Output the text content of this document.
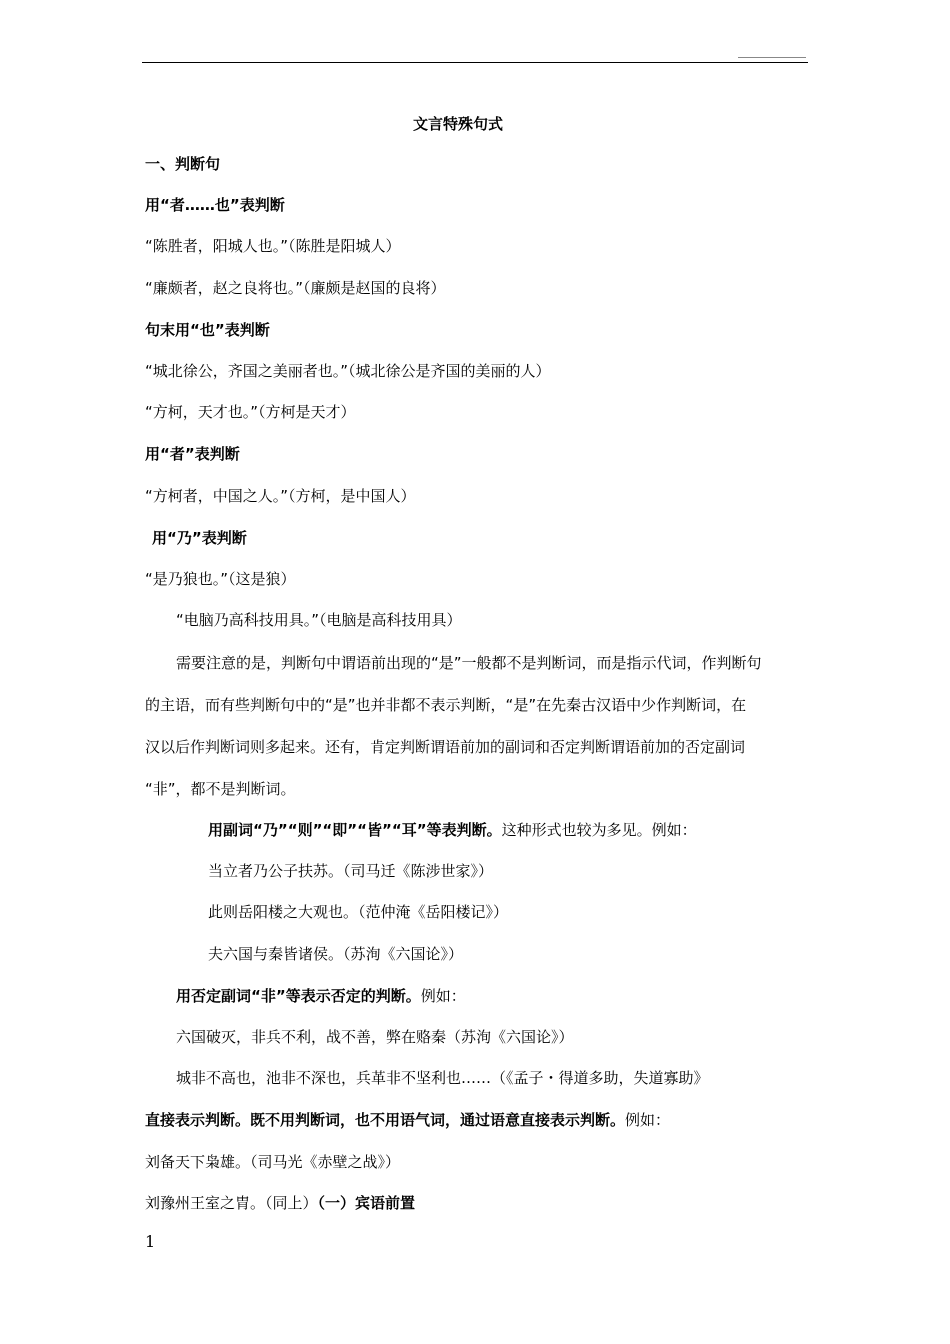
文言特殊句式
一、判断句
用“者……也”表判断
“陈胜者，阳城人也。”（陈胜是阳城人）
“廉颇者，赵之良将也。”（廉颇是赵国的良将）
句末用“也”表判断
“城北徐公，齐国之美丽者也。”（城北徐公是齐国的美丽的人）
“方柯，天才也。”（方柯是天才）
用“者”表判断
“方柯者，中国之人。”（方柯，是中国人）
用“乃”表判断
“是乃狼也。”（这是狼）
“电脑乃高科技用具。”（电脑是高科技用具）
需要注意的是，判断句中谓语前出现的“是”一般都不是判断词，而是指示代词，作判断句
的主语，而有些判断句中的“是”也并非都不表示判断，“是”在先秦古汉语中少作判断词，在
汉以后作判断词则多起来。还有，肯定判断谓语前加的副词和否定判断谓语前加的否定副词
“非”，都不是判断词。
用副词“乃”“则”“即”“皆”“耳”等表判断。这种形式也较为多见。例如：
当立者乃公子扶苏。（司马迁《陈涉世家》）
此则岳阳楼之大观也。（范仲淹《岳阳楼记》）
夫六国与秦皆诸侯。（苏洵《六国论》）
用否定副词“非”等表示否定的判断。例如：
六国破灭，非兵不利，战不善，弊在赂秦（苏洵《六国论》）
城非不高也，池非不深也，兵革非不坚利也……（《孟子・得道多助，失道寡助》
直接表示判断。既不用判断词，也不用语气词，通过语意直接表示判断。例如：
刘备天下枭雄。（司马光《赤壁之战》）
刘豫州王室之胄。（同上）（一）宾语前置
1
